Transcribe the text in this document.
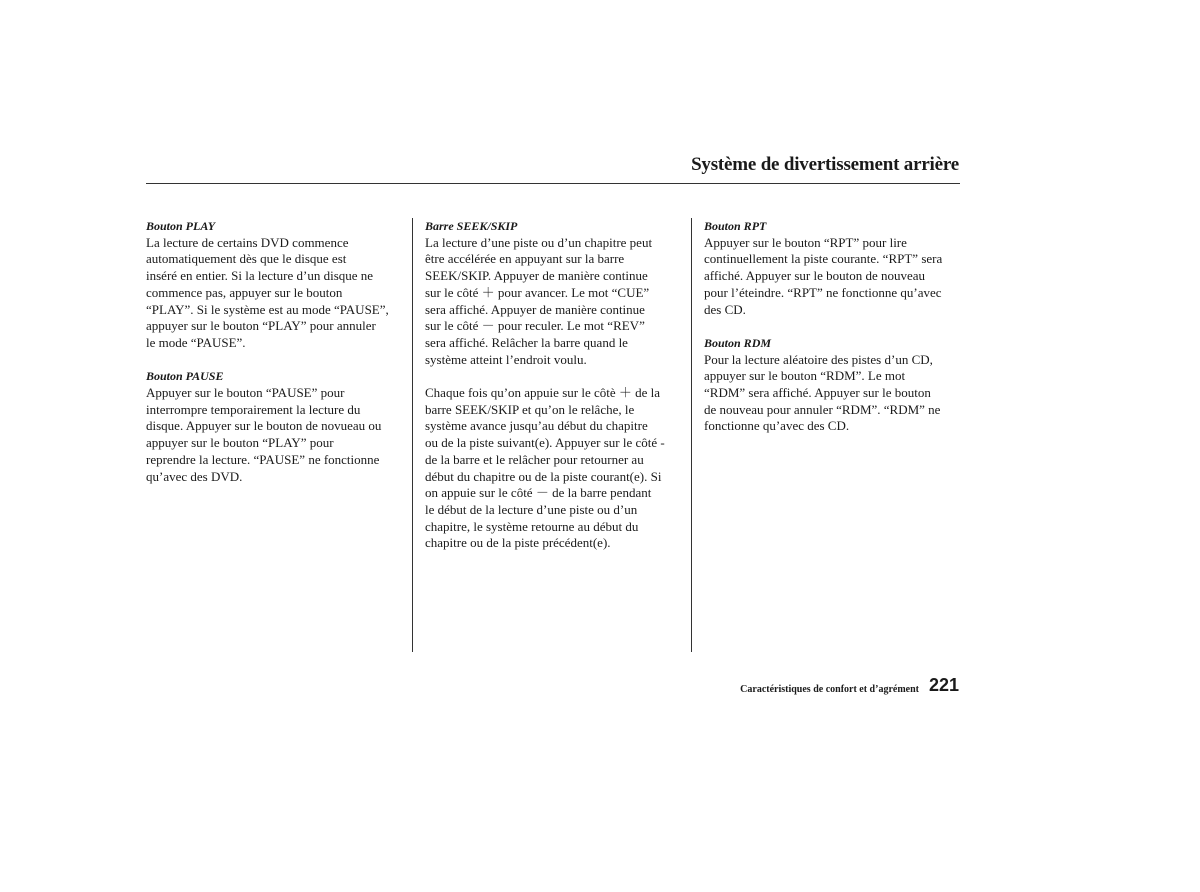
Système de divertissement arrière

Bouton PLAY

La lecture de certains DVD commence

automatiquement dès que le disque est

inséré en entier. Si la lecture d’un disque ne

commence pas, appuyer sur le bouton

“PLAY”. Si le système est au mode “PAUSE”,

appuyer sur le bouton “PLAY” pour annuler

le mode “PAUSE”.

Bouton PAUSE

Appuyer sur le bouton “PAUSE” pour

interrompre temporairement la lecture du

disque. Appuyer sur le bouton de novueau ou

appuyer sur le bouton “PLAY” pour

reprendre la lecture. “PAUSE” ne fonctionne

qu’avec des DVD.

Barre SEEK/SKIP

La lecture d’une piste ou d’un chapitre peut

être accélérée en appuyant sur la barre

SEEK/SKIP. Appuyer de manière continue

sur le côté ＋ pour avancer. Le mot “CUE”

sera affiché. Appuyer de manière continue

sur le côté － pour reculer. Le mot “REV”

sera affiché. Relâcher la barre quand le

système atteint l’endroit voulu.

Chaque fois qu’on appuie sur le côtè ＋ de la

barre SEEK/SKIP et qu’on le relâche, le

système avance jusqu’au début du chapitre

ou de la piste suivant(e). Appuyer sur le côté -

de la barre et le relâcher pour retourner au

début du chapitre ou de la piste courant(e). Si

on appuie sur le côté － de la barre pendant

le début de la lecture d’une piste ou d’un

chapitre, le système retourne au début du

chapitre ou de la piste précédent(e).

Bouton RPT

Appuyer sur le bouton “RPT” pour lire

continuellement la piste courante. “RPT” sera

affiché. Appuyer sur le bouton de nouveau

pour l’éteindre. “RPT” ne fonctionne qu’avec

des CD.

Bouton RDM

Pour la lecture aléatoire des pistes d’un CD,

appuyer sur le bouton “RDM”. Le mot

“RDM” sera affiché. Appuyer sur le bouton

de nouveau pour annuler “RDM”. “RDM” ne

fonctionne qu’avec des CD.

Caractéristiques de confort et d’agrément 221
